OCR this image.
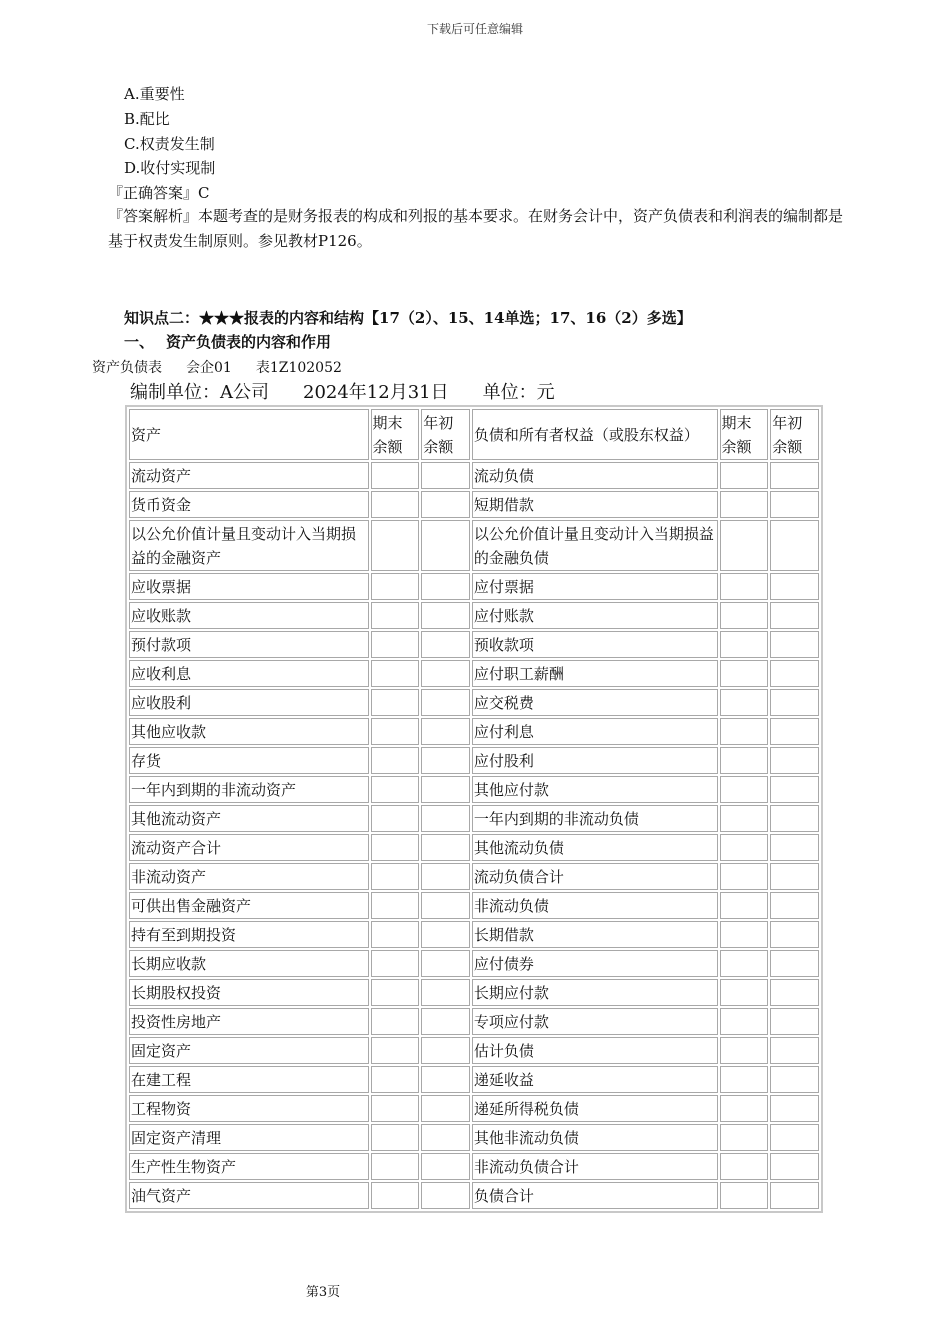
下载后可任意编辑
A.重要性
B.配比
C.权责发生制
D.收付实现制
『正确答案』C
『答案解析』本题考查的是财务报表的构成和列报的基本要求。在财务会计中，资产负债表和利润表的编制都是基于权责发生制原则。参见教材P126。
知识点二：★★★报表的内容和结构【17（2）、15、14单选；17、16（2）多选】
一、 资产负债表的内容和作用
资产负债表 会企01 表1Z102052
编制单位：A公司 2024年12月31日 单位：元
资产	期末余额	年初余额	负债和所有者权益（或股东权益）	期末余额	年初余额
流动资产			流动负债		
货币资金			短期借款		
以公允价值计量且变动计入当期损益的金融资产			以公允价值计量且变动计入当期损益的金融负债		
应收票据			应付票据		
应收账款			应付账款		
预付款项			预收款项		
应收利息			应付职工薪酬		
应收股利			应交税费		
其他应收款			应付利息		
存货			应付股利		
一年内到期的非流动资产			其他应付款		
其他流动资产			一年内到期的非流动负债		
流动资产合计			其他流动负债		
非流动资产			流动负债合计		
可供出售金融资产			非流动负债		
持有至到期投资			长期借款		
长期应收款			应付债券		
长期股权投资			长期应付款		
投资性房地产			专项应付款		
固定资产			估计负债		
在建工程			递延收益		
工程物资			递延所得税负债		
固定资产清理			其他非流动负债		
生产性生物资产			非流动负债合计		
油气资产			负债合计		
第3页
